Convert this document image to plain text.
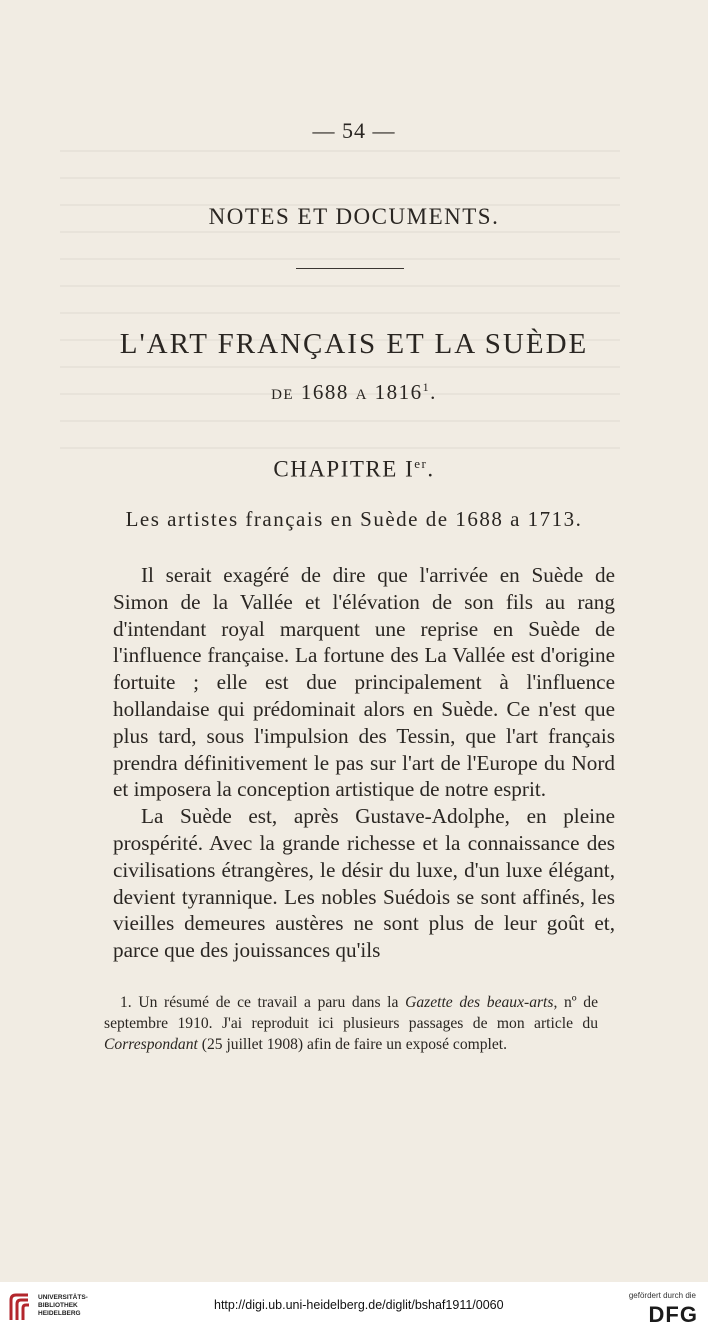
— 54 —
NOTES ET DOCUMENTS.
L'ART FRANÇAIS ET LA SUÈDE
DE 1688 A 1816$^1$.
CHAPITRE Ier.
Les artistes français en Suède de 1688 a 1713.

Il serait exagéré de dire que l'arrivée en Suède de Simon de la Vallée et l'élévation de son fils au rang d'intendant royal marquent une reprise en Suède de l'influence française. La fortune des La Vallée est d'origine fortuite ; elle est due principalement à l'influence hollandaise qui prédominait alors en Suède. Ce n'est que plus tard, sous l'impulsion des Tessin, que l'art français prendra définitivement le pas sur l'art de l'Europe du Nord et imposera la conception artistique de notre esprit.

La Suède est, après Gustave-Adolphe, en pleine prospérité. Avec la grande richesse et la connaissance des civilisations étrangères, le désir du luxe, d'un luxe élégant, devient tyrannique. Les nobles Suédois se sont affinés, les vieilles demeures austères ne sont plus de leur goût et, parce que des jouissances qu'ils

1. Un résumé de ce travail a paru dans la Gazette des beaux-arts, nº de septembre 1910. J'ai reproduit ici plusieurs passages de mon article du Correspondant (25 juillet 1908) afin de faire un exposé complet.
UNIVERSITÄTS-
BIBLIOTHEK
HEIDELBERG
http://digi.ub.uni-heidelberg.de/diglit/bshaf1911/0060
gefördert durch die
DFG
